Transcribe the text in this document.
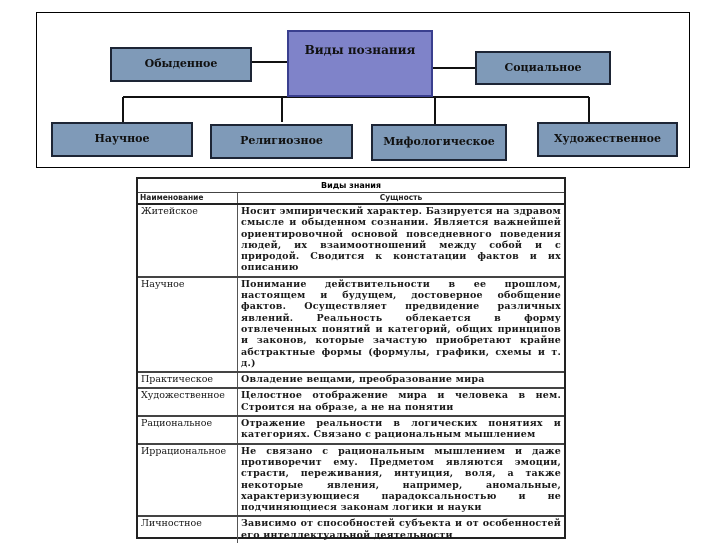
Виды познания
Обыденное	Социальное
Научное	Религиозное	Мифологическое	Художественное
Виды знания
Наименование	Сущность
Житейское	Носит эмпирический характер. Базируется на здравом смысле и обыденном сознании. Является важнейшей ориентировочной основой повседневного поведения людей, их взаимоотношений между собой и с природой. Сводится к констатации фактов и их описанию
Научное	Понимание действительности в ее прошлом, настоящем и будущем, достоверное обобщение фактов. Осуществляет предвидение различных явлений. Реальность облекается в форму отвлеченных понятий и категорий, общих принципов и законов, которые зачастую приобретают крайне абстрактные формы (формулы, графики, схемы и т. д.)
Практическое	Овладение вещами, преобразование мира
Художественное	Целостное отображение мира и человека в нем. Строится на образе, а не на понятии
Рациональное	Отражение реальности в логических понятиях и категориях. Связано с рациональным мышлением
Иррациональное	Не связано с рациональным мышлением и даже противоречит ему. Предметом являются эмоции, страсти, переживания, интуиция, воля, а также некоторые явления, например, аномальные, характеризующиеся парадоксальностью и не подчиняющиеся законам логики и науки
Личностное	Зависимо от способностей субъекта и от особенностей его интеллектуальной деятельности
